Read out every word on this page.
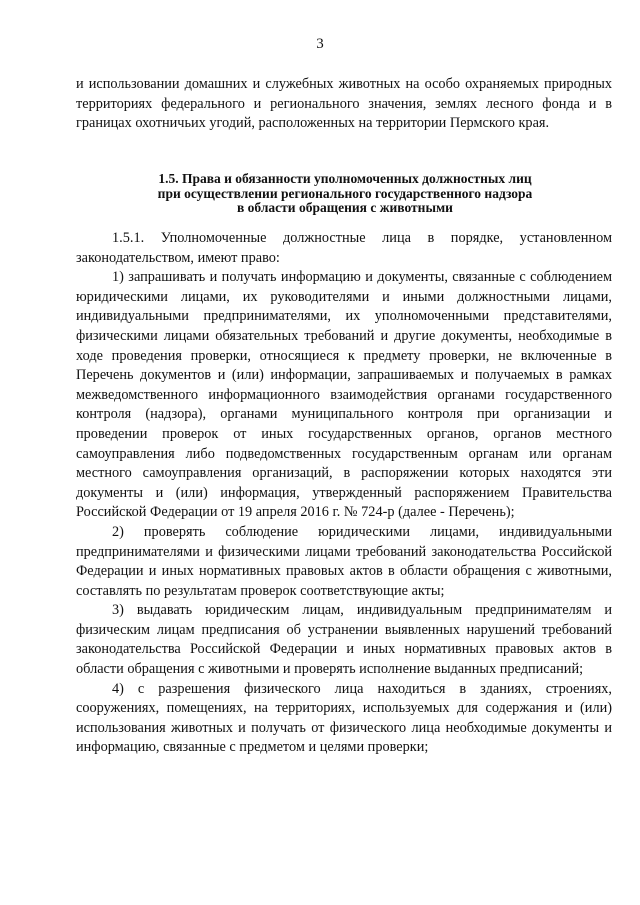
3

и использовании домашних и служебных животных на особо охраняемых природных территориях федерального и регионального значения, землях лесного фонда и в границах охотничьих угодий, расположенных на территории Пермского края.

1.5. Права и обязанности уполномоченных должностных лиц
при осуществлении регионального государственного надзора
в области обращения с животными

1.5.1. Уполномоченные должностные лица в порядке, установленном законодательством, имеют право:

1) запрашивать и получать информацию и документы, связанные с соблюдением юридическими лицами, их руководителями и иными должностными лицами, индивидуальными предпринимателями, их уполномоченными представителями, физическими лицами обязательных требований и другие документы, необходимые в ходе проведения проверки, относящиеся к предмету проверки, не включенные в Перечень документов и (или) информации, запрашиваемых и получаемых в рамках межведомственного информационного взаимодействия органами государственного контроля (надзора), органами муниципального контроля при организации и проведении проверок от иных государственных органов, органов местного самоуправления либо подведомственных государственным органам или органам местного самоуправления организаций, в распоряжении которых находятся эти документы и (или) информация, утвержденный распоряжением Правительства Российской Федерации от 19 апреля 2016 г. № 724-р (далее - Перечень);

2) проверять соблюдение юридическими лицами, индивидуальными предпринимателями и физическими лицами требований законодательства Российской Федерации и иных нормативных правовых актов в области обращения с животными, составлять по результатам проверок соответствующие акты;

3) выдавать юридическим лицам, индивидуальным предпринимателям и физическим лицам предписания об устранении выявленных нарушений требований законодательства Российской Федерации и иных нормативных правовых актов в области обращения с животными и проверять исполнение выданных предписаний;

4) с разрешения физического лица находиться в зданиях, строениях, сооружениях, помещениях, на территориях, используемых для содержания и (или) использования животных и получать от физического лица необходимые документы и информацию, связанные с предметом и целями проверки;
